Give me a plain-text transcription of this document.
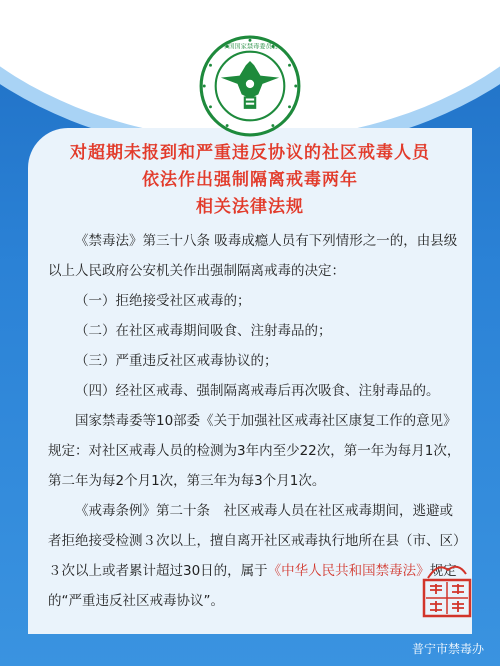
中国国家禁毒委员会
对超期未报到和严重违反协议的社区戒毒人员
依法作出强制隔离戒毒两年
相关法律法规

《禁毒法》第三十八条 吸毒成瘾人员有下列情形之一的，由县级以上人民政府公安机关作出强制隔离戒毒的决定：

（一）拒绝接受社区戒毒的；

（二）在社区戒毒期间吸食、注射毒品的；

（三）严重违反社区戒毒协议的；

（四）经社区戒毒、强制隔离戒毒后再次吸食、注射毒品的。

国家禁毒委等10部委《关于加强社区戒毒社区康复工作的意见》规定：对社区戒毒人员的检测为3年内至少22次，第一年为每月1次，第二年为每2个月1次，第三年为每3个月1次。

《戒毒条例》第二十条　社区戒毒人员在社区戒毒期间，逃避或者拒绝接受检测３次以上，擅自离开社区戒毒执行地所在县（市、区）３次以上或者累计超过30日的，属于《中华人民共和国禁毒法》规定的“严重违反社区戒毒协议”。

普宁市禁毒办
